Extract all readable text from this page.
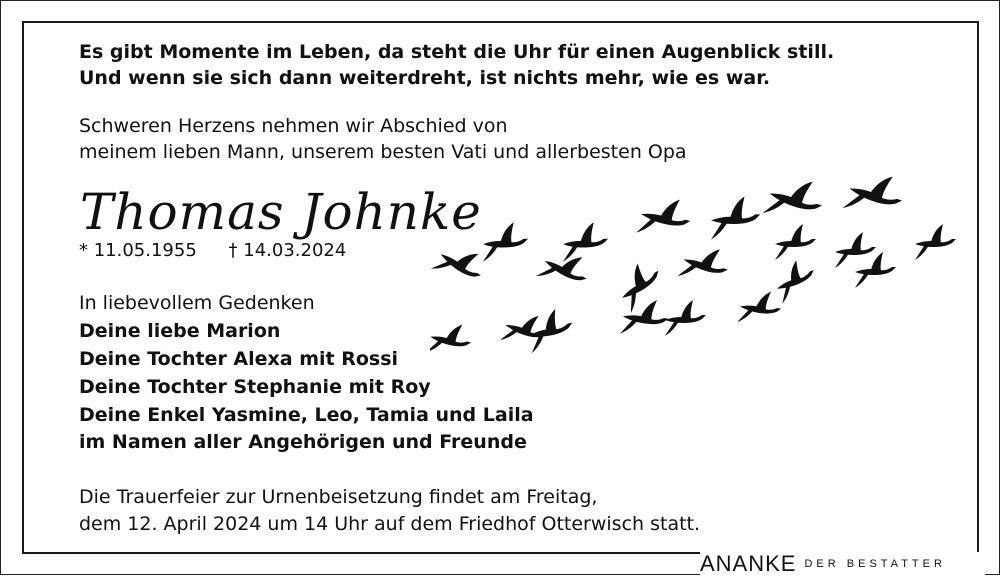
Es gibt Momente im Leben, da steht die Uhr für einen Augenblick still.
Und wenn sie sich dann weiterdreht, ist nichts mehr, wie es war.
Schweren Herzens nehmen wir Abschied von
meinem lieben Mann, unserem besten Vati und allerbesten Opa
Thomas Johnke
* 11.05.1955 † 14.03.2024
In liebevollem Gedenken
Deine liebe Marion
Deine Tochter Alexa mit Rossi
Deine Tochter Stephanie mit Roy
Deine Enkel Yasmine, Leo, Tamia und Laila
im Namen aller Angehörigen und Freunde
Die Trauerfeier zur Urnenbeisetzung findet am Freitag,
dem 12. April 2024 um 14 Uhr auf dem Friedhof Otterwisch statt.
ANANKE DER BESTATTER
